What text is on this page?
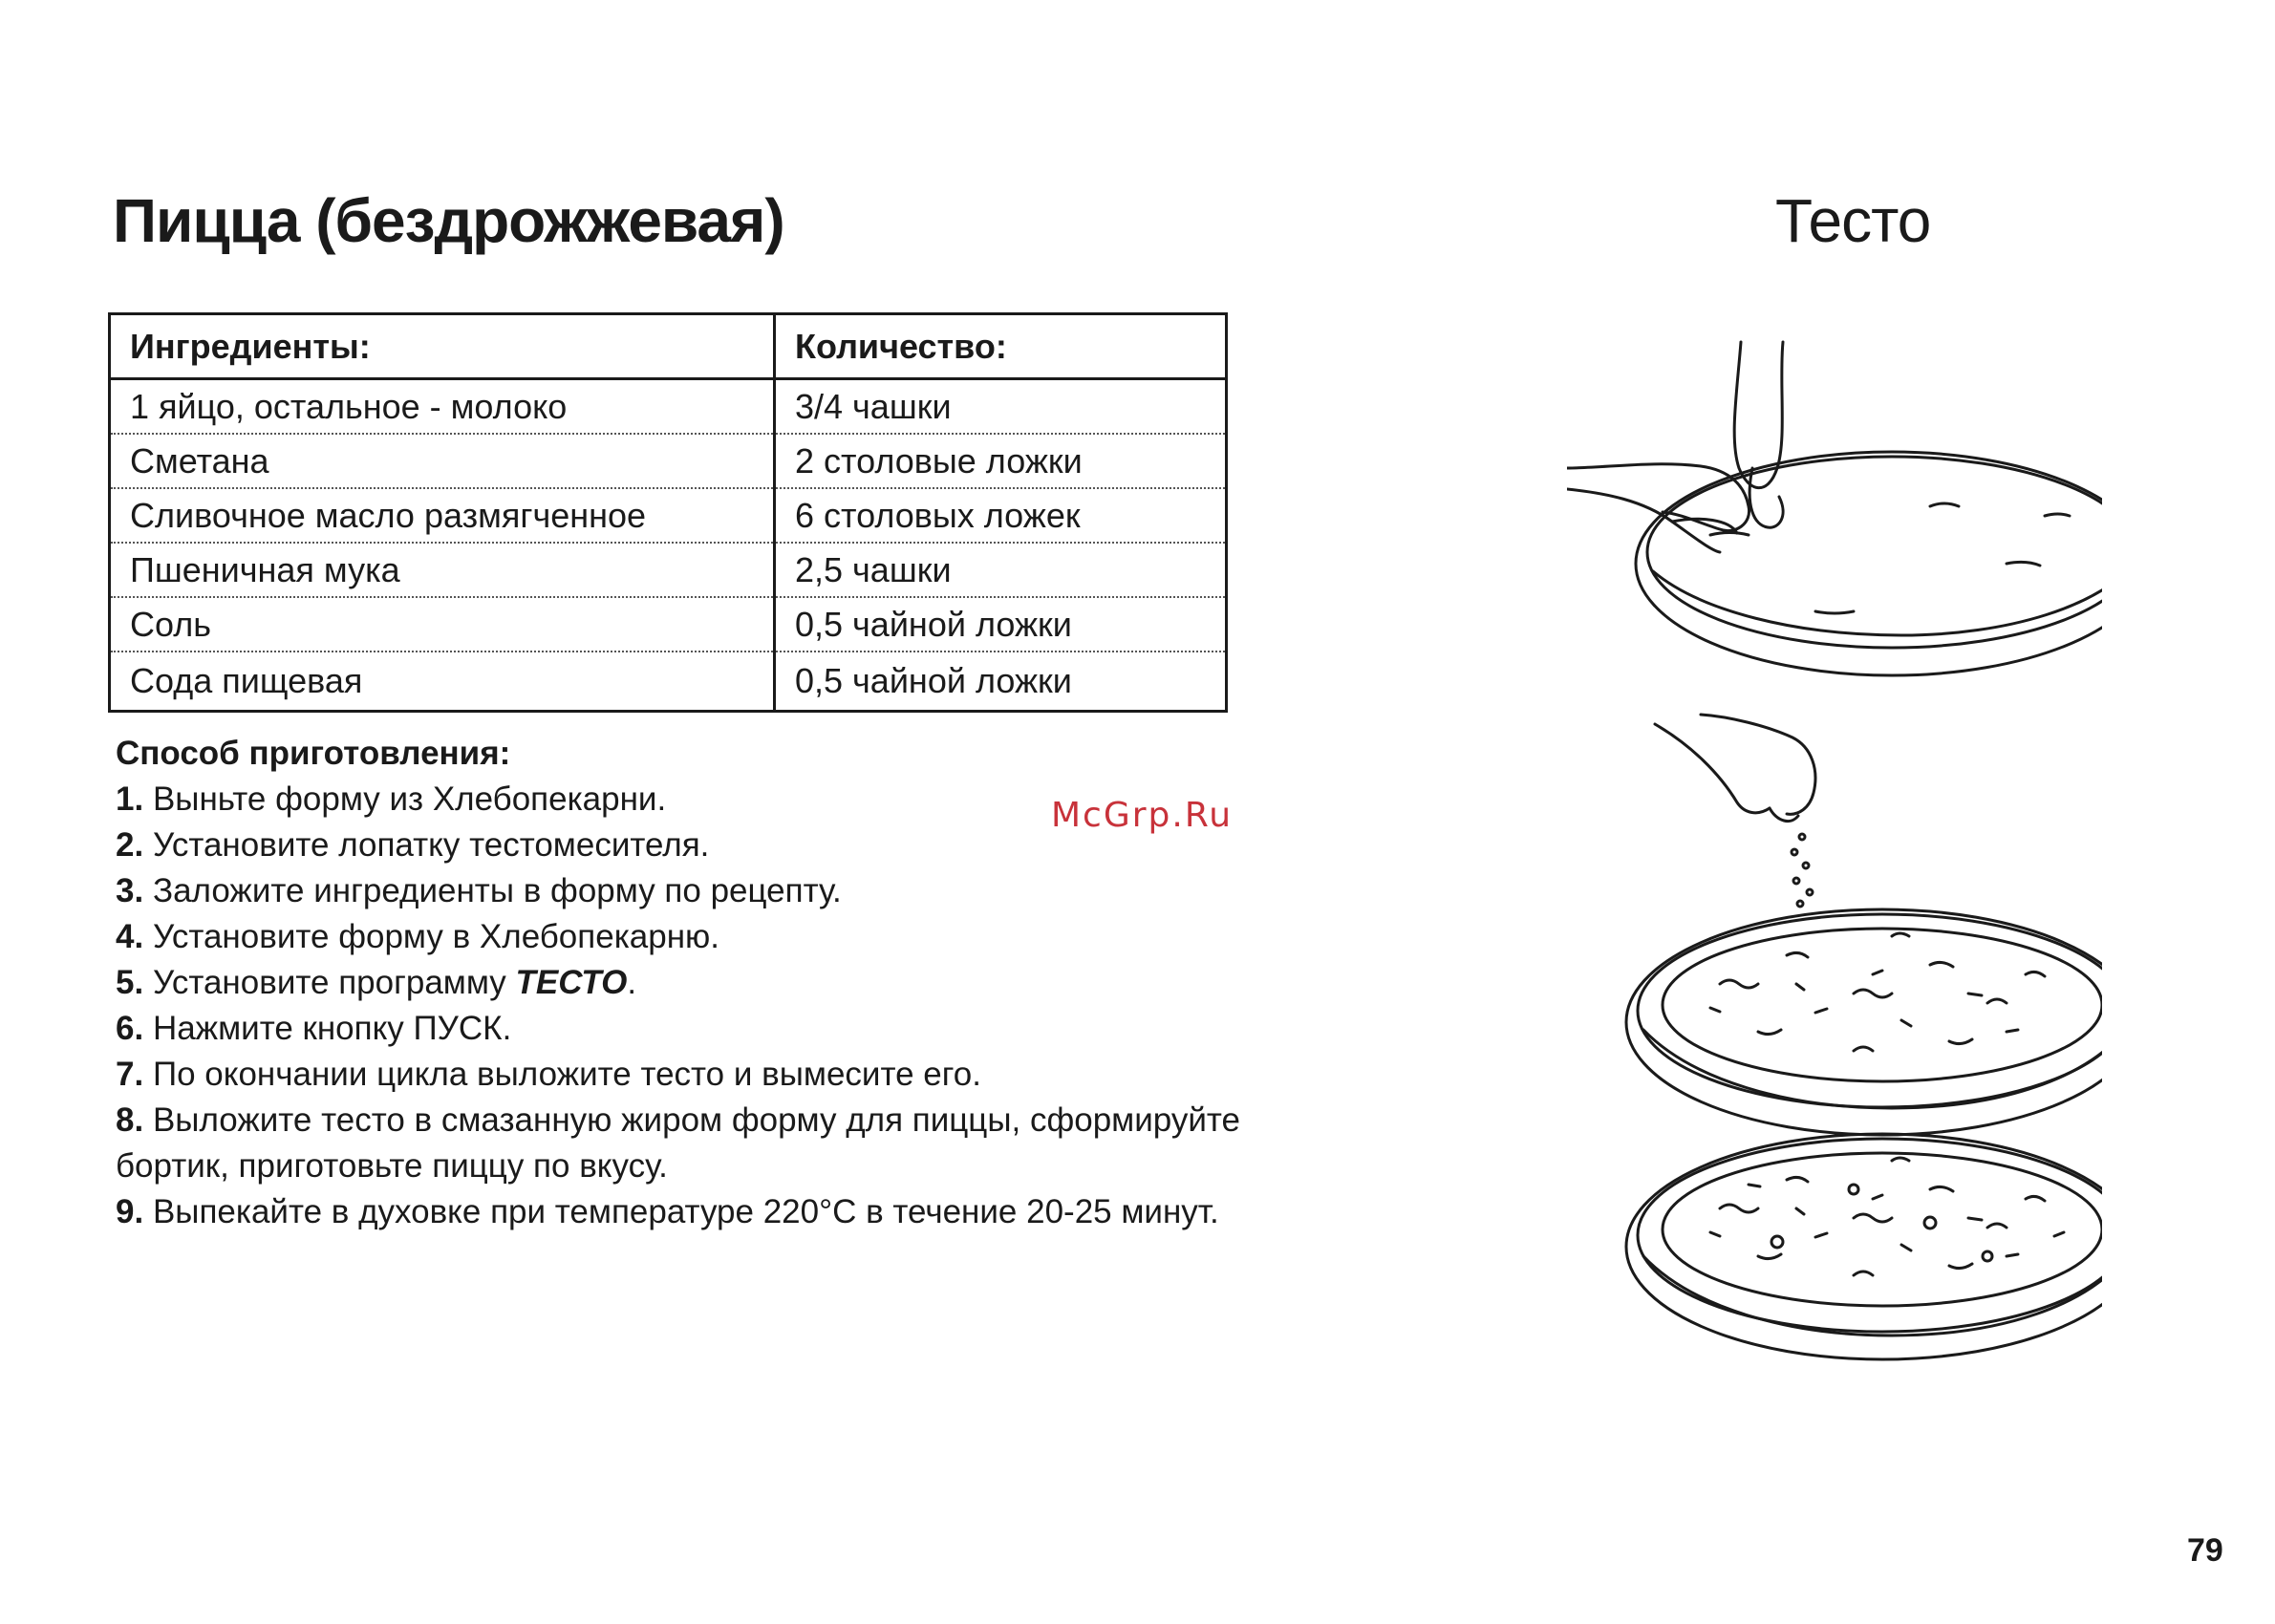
Пицца (бездрожжевая)	Тесто
Ингредиенты:	Количество:
1 яйцо, остальное - молоко	3/4 чашки
Сметана	2 столовые ложки
Сливочное масло размягченное	6 столовых ложек
Пшеничная мука	2,5 чашки
Соль	0,5 чайной ложки
Сода пищевая	0,5 чайной ложки
Способ приготовления:
1. Выньте форму из Хлебопекарни.
2. Установите лопатку тестомесителя.
3. Заложите ингредиенты в форму по рецепту.
4. Установите форму в Хлебопекарню.
5. Установите программу ТЕСТО.
6. Нажмите кнопку ПУСК.
7. По окончании цикла выложите тесто и вымесите его.
8. Выложите тесто в смазанную жиром форму для пиццы, сформируйте
бортик, приготовьте пиццу по вкусу.
9. Выпекайте в духовке при температуре 220°С в течение 20-25 минут.
McGrp.Ru
79
